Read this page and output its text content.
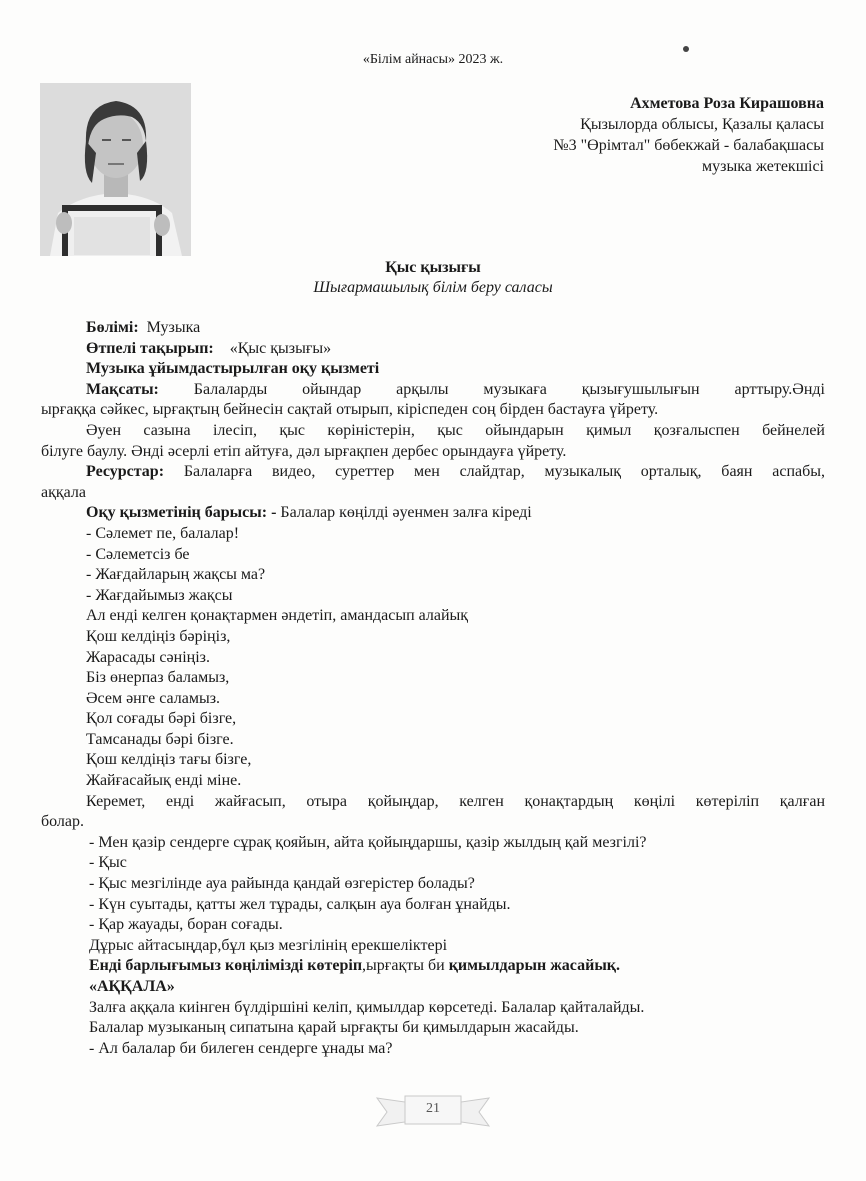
«Білім айнасы» 2023 ж.
Ахметова Роза Кирашовна
Қызылорда облысы, Қазалы қаласы
№3 "Өрімтал" бөбекжай - балабақшасы
музыка жетекшісі
Қыс қызығы
Шығармашылық білім беру саласы
Бөлімі: Музыка
Өтпелі тақырып: «Қыс қызығы»
Музыка ұйымдастырылған оқу қызметі
Мақсаты: Балаларды ойындар арқылы музыкаға қызығушылығын арттыру.Әнді
ырғаққа сәйкес, ырғақтың бейнесін сақтай отырып, кіріспеден соң бірден бастауға үйрету.
Әуен сазына ілесіп, қыс көріністерін, қыс ойындарын қимыл қозғалыспен бейнелей
білуге баулу. Әнді әсерлі етіп айтуға, дәл ырғақпен дербес орындауға үйрету.
Ресурстар: Балаларға видео, суреттер мен слайдтар, музыкалық орталық, баян аспабы,
аққала
Оқу қызметінің барысы: - Балалар көңілді әуенмен залға кіреді
- Сәлемет пе, балалар!
- Сәлеметсіз бе
- Жағдайларың жақсы ма?
- Жағдайымыз жақсы
Ал енді келген қонақтармен әндетіп, амандасып алайық
Қош келдіңіз бәріңіз,
Жарасады сәніңіз.
Біз өнерпаз баламыз,
Әсем әнге саламыз.
Қол соғады бәрі бізге,
Тамсанады бәрі бізге.
Қош келдіңіз тағы бізге,
Жайғасайық енді міне.
Керемет, енді жайғасып, отыра қойыңдар, келген қонақтардың көңілі көтеріліп қалған
болар.
- Мен қазір сендерге сұрақ қояйын, айта қойыңдаршы, қазір жылдың қай мезгілі?
- Қыс
- Қыс мезгілінде ауа райында қандай өзгерістер болады?
- Күн суытады, қатты жел тұрады, салқын ауа болған ұнайды.
- Қар жауады, боран соғады.
Дұрыс айтасыңдар,бұл қыз мезгілінің ерекшеліктері
Енді барлығымыз көңілімізді көтеріп,ырғақты би қимылдарын жасайық.
«АҚҚАЛА»
Залға аққала киінген бүлдіршіні келіп, қимылдар көрсетеді. Балалар қайталайды.
Балалар музыканың сипатына қарай ырғақты би қимылдарын жасайды.
- Ал балалар би билеген сендерге ұнады ма?
21
